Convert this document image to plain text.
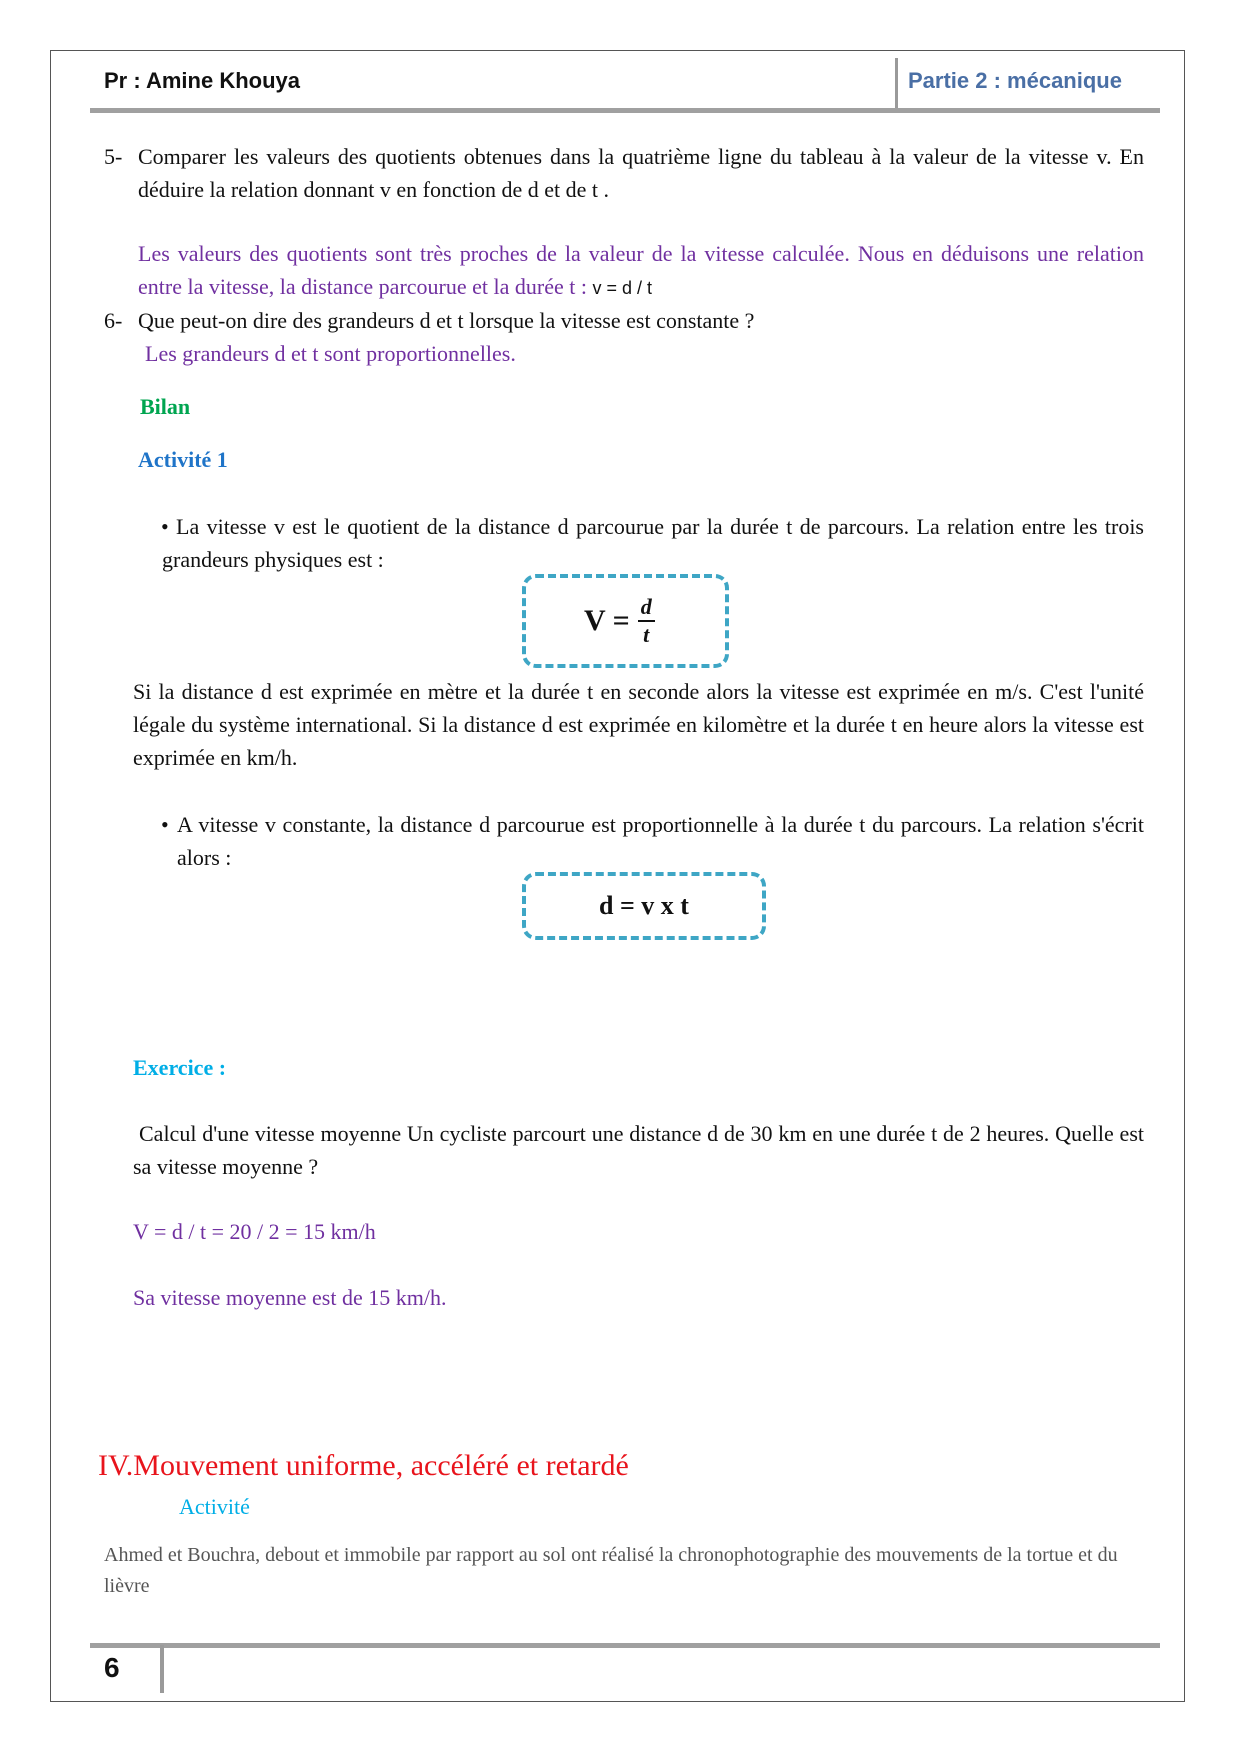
Pr : Amine Khouya	Partie 2 : mécanique
5- Comparer les valeurs des quotients obtenues dans la quatrième ligne du tableau à la valeur de la vitesse v. En déduire la relation donnant v en fonction de d et de t .
Les valeurs des quotients sont très proches de la valeur de la vitesse calculée. Nous en déduisons une relation entre la vitesse, la distance parcourue et la durée t : v = d / t
6- Que peut-on dire des grandeurs d et t lorsque la vitesse est constante ?
Les grandeurs d et t sont proportionnelles.
Bilan
Activité 1
• La vitesse v est le quotient de la distance d parcourue par la durée t de parcours. La relation entre les trois grandeurs physiques est :
$V = \frac{d}{t}$
Si la distance d est exprimée en mètre et la durée t en seconde alors la vitesse est exprimée en m/s. C'est l'unité légale du système international. Si la distance d est exprimée en kilomètre et la durée t en heure alors la vitesse est exprimée en km/h.
• A vitesse v constante, la distance d parcourue est proportionnelle à la durée t du parcours. La relation s'écrit alors :
d = v x t
Exercice :
Calcul d'une vitesse moyenne Un cycliste parcourt une distance d de 30 km en une durée t de 2 heures. Quelle est sa vitesse moyenne ?
V = d / t = 20 / 2 = 15 km/h
Sa vitesse moyenne est de 15 km/h.
IV.Mouvement uniforme, accéléré et retardé
Activité
Ahmed et Bouchra, debout et immobile par rapport au sol ont réalisé la chronophotographie des mouvements de la tortue et du lièvre
6
